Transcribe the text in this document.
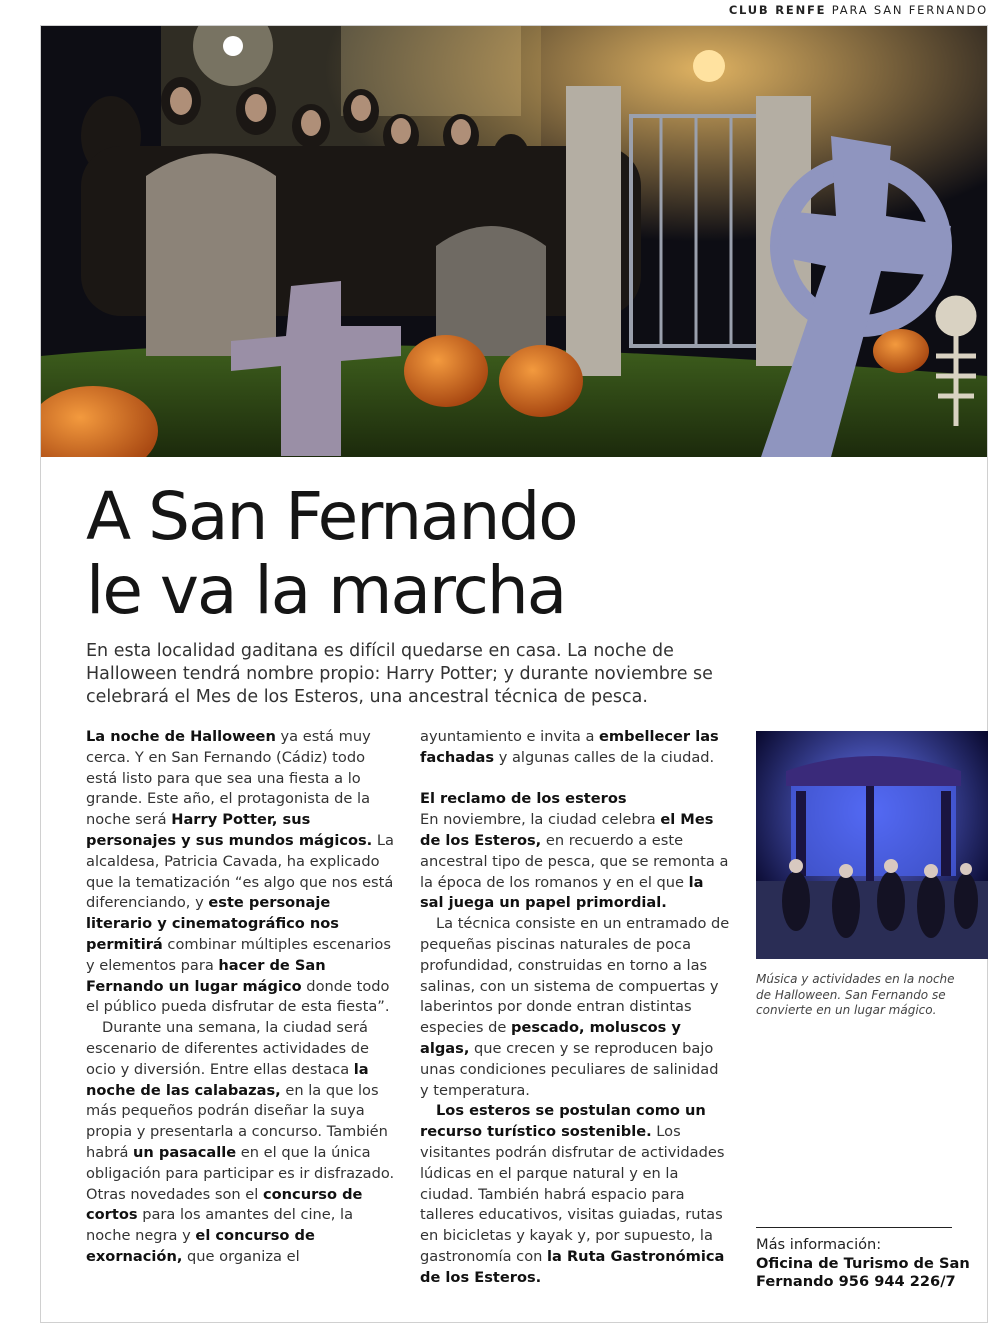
CLUB RENFE PARA SAN FERNANDO
A San Fernando
le va la marcha

En esta localidad gaditana es difícil quedarse en casa. La noche de Halloween tendrá nombre propio: Harry Potter; y durante noviembre se celebrará el Mes de los Esteros, una ancestral técnica de pesca.

La noche de Halloween ya está muy cerca. Y en San Fernando (Cádiz) todo está listo para que sea una fiesta a lo grande. Este año, el protagonista de la noche será Harry Potter, sus personajes y sus mundos mágicos. La alcaldesa, Patricia Cavada, ha explicado que la tematización “es algo que nos está diferenciando, y este personaje literario y cinematográfico nos permitirá combinar múltiples escenarios y elementos para hacer de San Fernando un lugar mágico donde todo el público pueda disfrutar de esta fiesta”.

Durante una semana, la ciudad será escenario de diferentes actividades de ocio y diversión. Entre ellas destaca la noche de las calabazas, en la que los más pequeños podrán diseñar la suya propia y presentarla a concurso. También habrá un pasacalle en el que la única obligación para participar es ir disfrazado. Otras novedades son el concurso de cortos para los amantes del cine, la noche negra y el concurso de exornación, que organiza el

ayuntamiento e invita a embellecer las fachadas y algunas calles de la ciudad.

El reclamo de los esteros

En noviembre, la ciudad celebra el Mes de los Esteros, en recuerdo a este ancestral tipo de pesca, que se remonta a la época de los romanos y en el que la sal juega un papel primordial.

La técnica consiste en un entramado de pequeñas piscinas naturales de poca profundidad, construidas en torno a las salinas, con un sistema de compuertas y laberintos por donde entran distintas especies de pescado, moluscos y algas, que crecen y se reproducen bajo unas condiciones peculiares de salinidad y temperatura.

Los esteros se postulan como un recurso turístico sostenible. Los visitantes podrán disfrutar de actividades lúdicas en el parque natural y en la ciudad. También habrá espacio para talleres educativos, visitas guiadas, rutas en bicicletas y kayak y, por supuesto, la gastronomía con la Ruta Gastronómica de los Esteros.

Música y actividades en la noche de Halloween. San Fernando se convierte en un lugar mágico.

Más información:
Oficina de Turismo de San
Fernando 956 944 226/7
